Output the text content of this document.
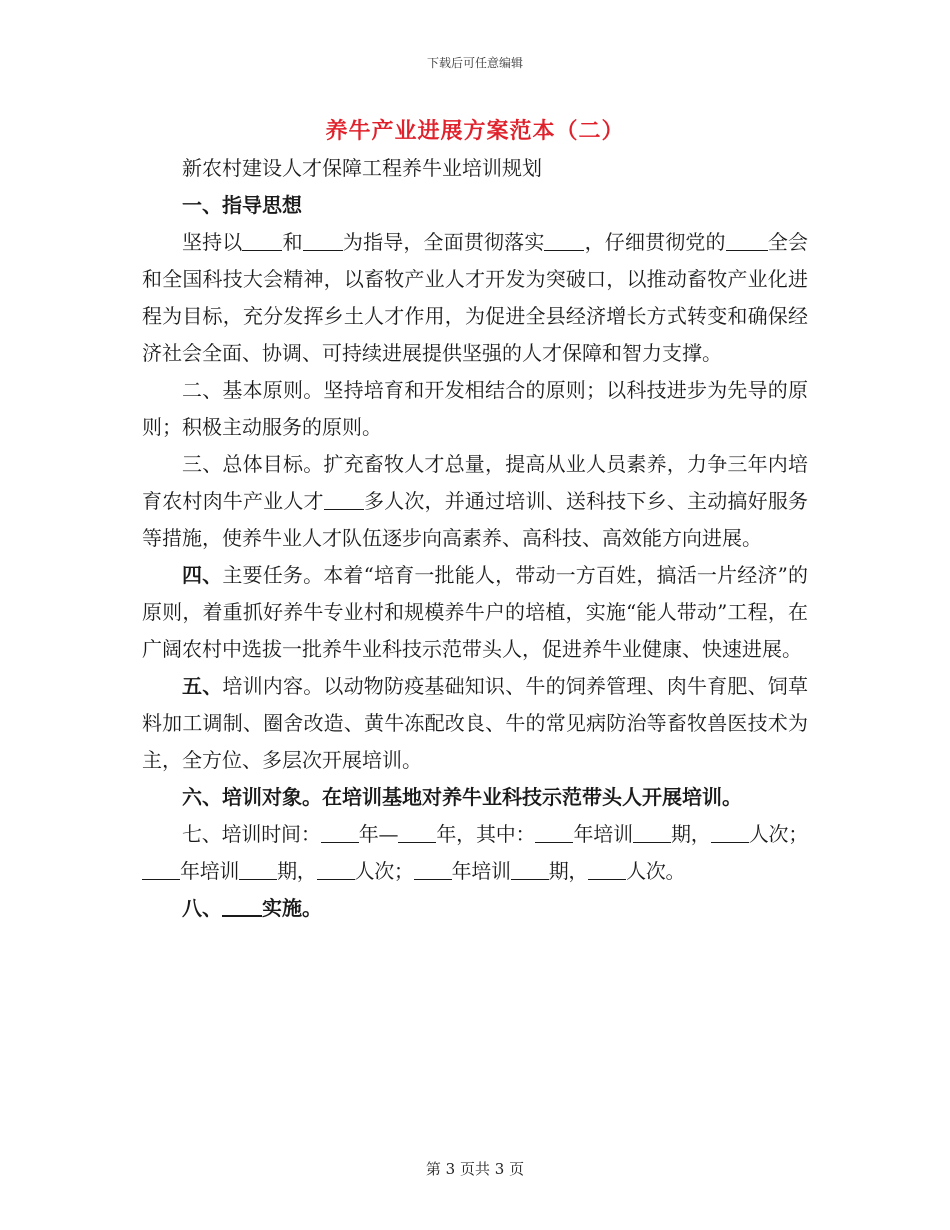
下载后可任意编辑
养牛产业进展方案范本（二）

新农村建设人才保障工程养牛业培训规划

一、指导思想

坚持以 和 为指导，全面贯彻落实 ，仔细贯彻党的 全会和全国科技大会精神，以畜牧产业人才开发为突破口，以推动畜牧产业化进程为目标，充分发挥乡土人才作用，为促进全县经济增长方式转变和确保经济社会全面、协调、可持续进展提供坚强的人才保障和智力支撑。

二、基本原则。坚持培育和开发相结合的原则；以科技进步为先导的原则；积极主动服务的原则。

三、总体目标。扩充畜牧人才总量，提高从业人员素养，力争三年内培育农村肉牛产业人才 多人次，并通过培训、送科技下乡、主动搞好服务等措施，使养牛业人才队伍逐步向高素养、高科技、高效能方向进展。

四、主要任务。本着“培育一批能人，带动一方百姓，搞活一片经济”的原则，着重抓好养牛专业村和规模养牛户的培植，实施“能人带动”工程，在广阔农村中选拔一批养牛业科技示范带头人，促进养牛业健康、快速进展。

五、培训内容。以动物防疫基础知识、牛的饲养管理、肉牛育肥、饲草料加工调制、圈舍改造、黄牛冻配改良、牛的常见病防治等畜牧兽医技术为主，全方位、多层次开展培训。

六、培训对象。在培训基地对养牛业科技示范带头人开展培训。

七、培训时间： 年— 年，其中： 年培训 期， 人次；年培训 期， 人次； 年培训 期， 人次。

八、 实施。

第 3 页共 3 页
